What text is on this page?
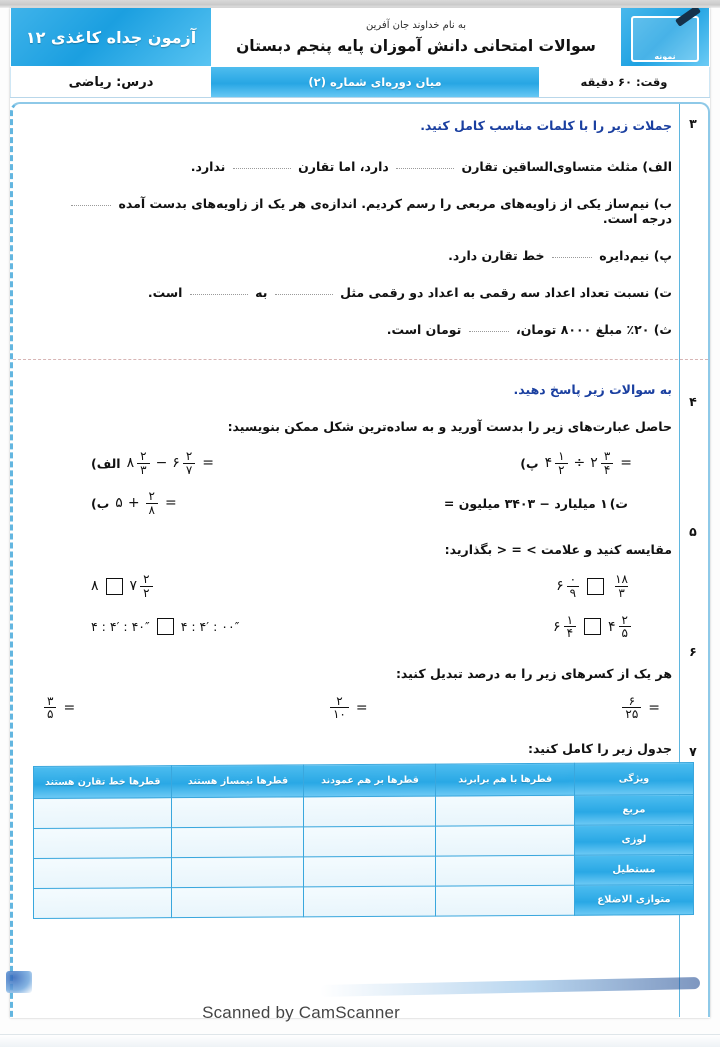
نمونه
به نام خداوند جان آفرین
سوالات امتحانی دانش آموزان پایه پنجم دبستان
آزمون جداه کاغذی ۱۲
وقت: ۶۰ دقیقه
میان دوره‌ای شماره (۲)
درس: ریاضی
۳
۴
۵
۶
۷

جملات زیر را با کلمات مناسب کامل کنید.

الف) مثلث متساوی‌الساقین تقارن  دارد، اما تقارن  ندارد.
ب) نیم‌ساز یکی از زاویه‌های مربعی را رسم کردیم. اندازه‌ی هر یک از زاویه‌های بدست آمده  درجه است.
پ) نیم‌دایره  خط تقارن دارد.
ت) نسبت تعداد اعداد سه رقمی به اعداد دو رقمی مثل  به  است.
ث) ۲۰٪ مبلغ ۸۰۰۰ تومان،  تومان است.

به سوالات زیر پاسخ دهید.

حاصل عبارت‌های زیر را بدست آورید و به ساده‌ترین شکل ممکن بنویسید:

پ) ۴ $\frac{۱}{۲}$ ÷ ۲ $\frac{۳}{۴}$ =
الف) ۸ $\frac{۲}{۳}$ − ۶ $\frac{۲}{۷}$ =
ت)
۱ میلیارد − ۳۴۰۳ میلیون =
ب) ۵ + $\frac{۲}{۸}$ =

مقایسه کنید و علامت > = < بگذارید:

۶ $\frac{۰}{۹}$	$\frac{۱۸}{۳}$
۸ ۷ $\frac{۲}{۲}$
۶ $\frac{۱}{۴}$ ۴ $\frac{۲}{۵}$
۴ : ۴′ : ۴۰″ ۴ : ۴′ : ۰۰″

هر یک از کسرهای زیر را به درصد تبدیل کنید:

$\frac{۶}{۲۵}$ =
$\frac{۲}{۱۰}$ =
$\frac{۳}{۵}$ =

جدول زیر را کامل کنید:

ویژگی	قطرها با هم برابرند	قطرها بر هم عمودند	قطرها نیمساز هستند	قطرها خط تقارن هستند
مربع				
لوزی				
مستطیل				
متوازی الاضلاع				
Scanned by CamScanner
